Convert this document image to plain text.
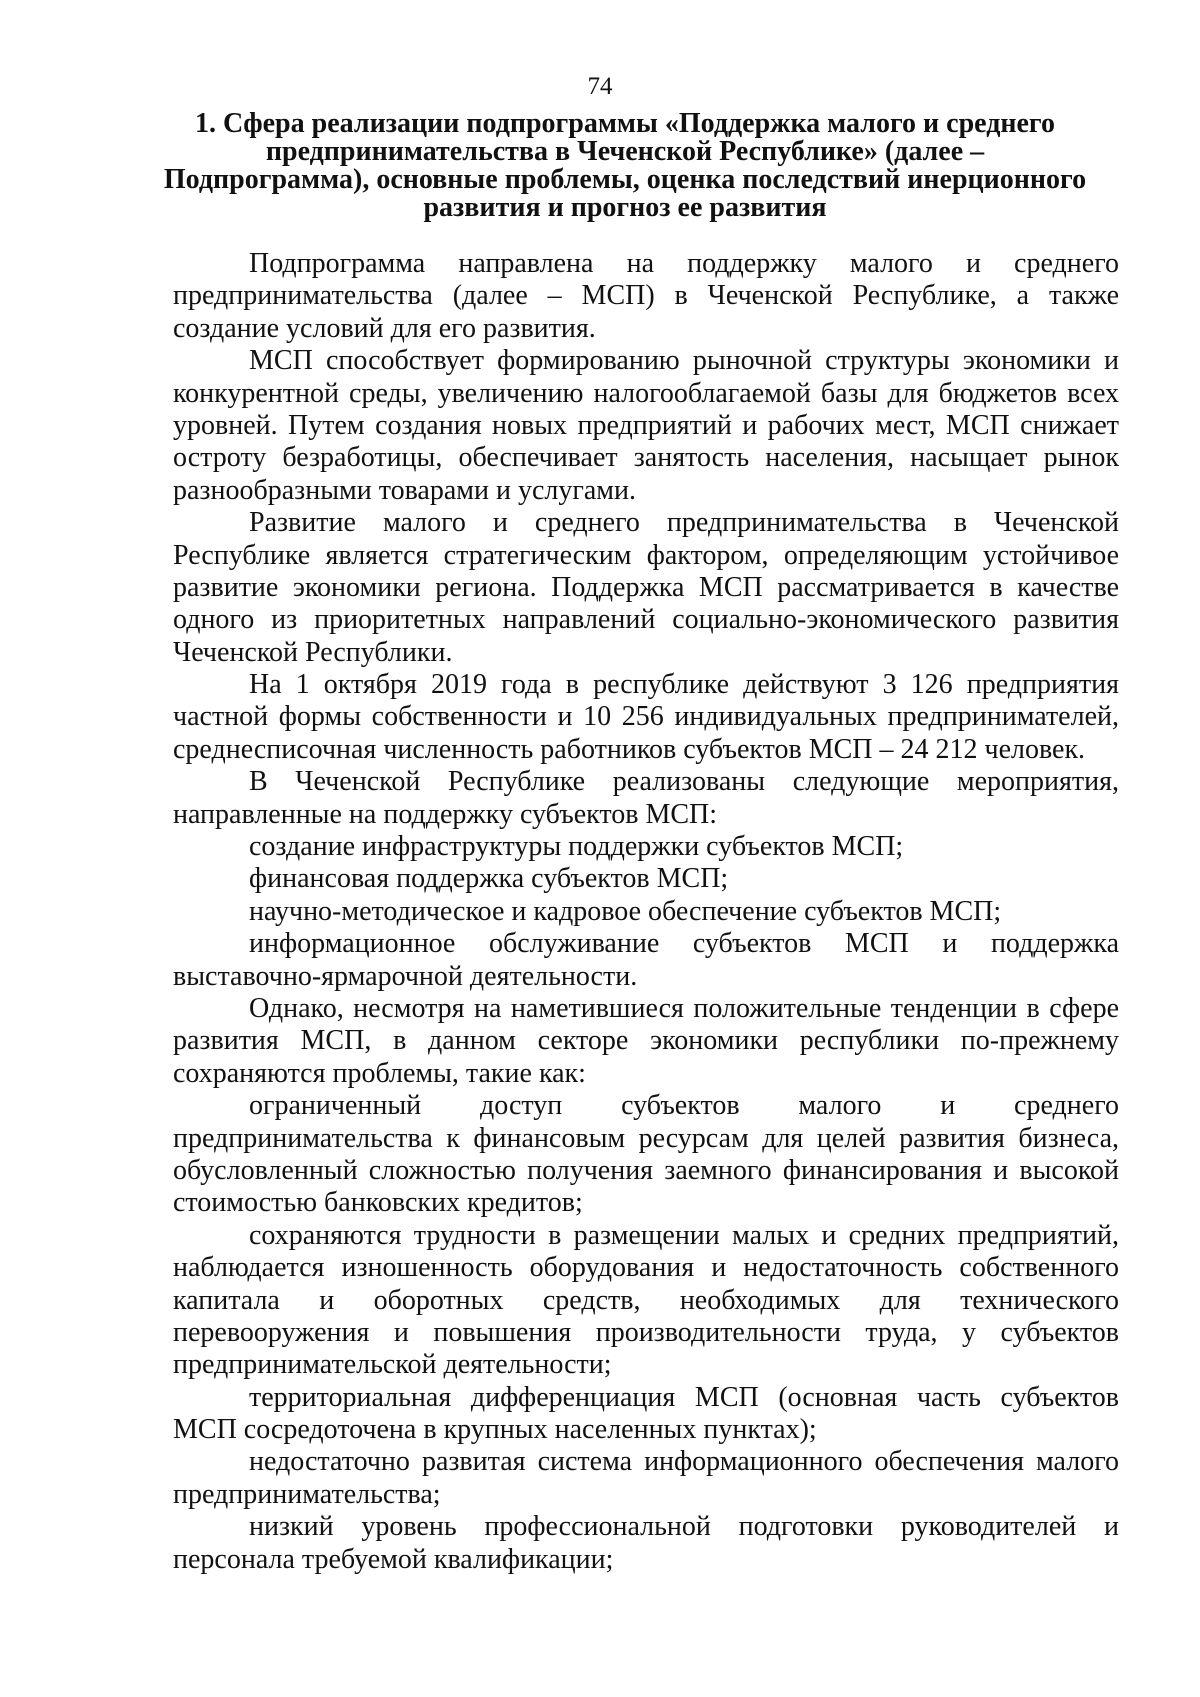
74
1. Сфера реализации подпрограммы «Поддержка малого и среднего
предпринимательства в Чеченской Республике» (далее –
Подпрограмма), основные проблемы, оценка последствий инерционного
развития и прогноз ее развития
Подпрограмма направлена на поддержку малого и среднего
предпринимательства (далее – МСП) в Чеченской Республике, а также
создание условий для его развития.
МСП способствует формированию рыночной структуры экономики и
конкурентной среды, увеличению налогооблагаемой базы для бюджетов всех
уровней. Путем создания новых предприятий и рабочих мест, МСП снижает
остроту безработицы, обеспечивает занятость населения, насыщает рынок
разнообразными товарами и услугами.
Развитие малого и среднего предпринимательства в Чеченской
Республике является стратегическим фактором, определяющим устойчивое
развитие экономики региона. Поддержка МСП рассматривается в качестве
одного из приоритетных направлений социально-экономического развития
Чеченской Республики.
На 1 октября 2019 года в республике действуют 3 126 предприятия
частной формы собственности и 10 256 индивидуальных предпринимателей,
среднесписочная численность работников субъектов МСП – 24 212 человек.
В Чеченской Республике реализованы следующие мероприятия,
направленные на поддержку субъектов МСП:
создание инфраструктуры поддержки субъектов МСП;
финансовая поддержка субъектов МСП;
научно-методическое и кадровое обеспечение субъектов МСП;
информационное обслуживание субъектов МСП и поддержка
выставочно-ярмарочной деятельности.
Однако, несмотря на наметившиеся положительные тенденции в сфере
развития МСП, в данном секторе экономики республики по-прежнему
сохраняются проблемы, такие как:
ограниченный доступ субъектов малого и среднего
предпринимательства к финансовым ресурсам для целей развития бизнеса,
обусловленный сложностью получения заемного финансирования и высокой
стоимостью банковских кредитов;
сохраняются трудности в размещении малых и средних предприятий,
наблюдается изношенность оборудования и недостаточность собственного
капитала и оборотных средств, необходимых для технического
перевооружения и повышения производительности труда, у субъектов
предпринимательской деятельности;
территориальная дифференциация МСП (основная часть субъектов
МСП сосредоточена в крупных населенных пунктах);
недостаточно развитая система информационного обеспечения малого
предпринимательства;
низкий уровень профессиональной подготовки руководителей и
персонала требуемой квалификации;
